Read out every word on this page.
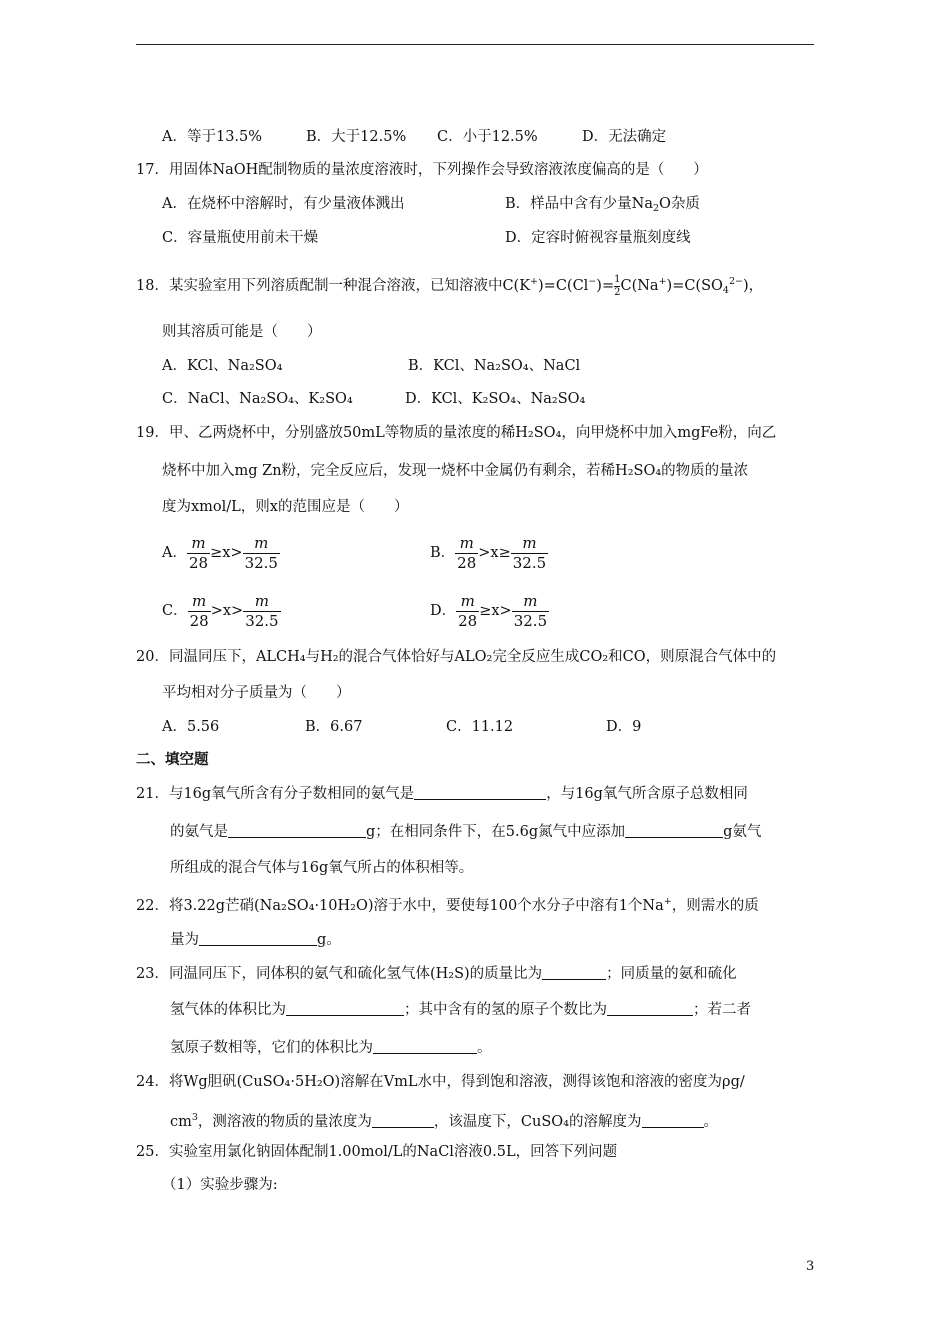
A．等于13.5%	B．大于12.5% C．小于12.5%	D．无法确定
17．用固体NaOH配制物质的量浓度溶液时，下列操作会导致溶液浓度偏高的是（　　）
A．在烧杯中溶解时，有少量液体溅出	B．样品中含有少量$Na_2O$杂质
C．容量瓶使用前未干燥	D．定容时俯视容量瓶刻度线
18．某实验室用下列溶质配制一种混合溶液，已知溶液中$C(K^+)=C(Cl^-)= \frac{1}{2} C(Na^+)=C(SO_4^{2-})$，
则其溶质可能是（　　）
A．KCl、Na₂SO₄	B．KCl、Na₂SO₄、NaCl
C．NaCl、Na₂SO₄、K₂SO₄	D．KCl、K₂SO₄、Na₂SO₄
19．甲、乙两烧杯中，分别盛放50mL等物质的量浓度的稀H₂SO₄，向甲烧杯中加入mgFe粉，向乙
烧杯中加入mg Zn粉，完全反应后，发现一烧杯中金属仍有剩余，若稀H₂SO₄的物质的量浓
度为xmol/L，则x的范围应是（　　）
A． $\frac{m}{28} \ge x> \frac{m}{32.5}$	B． $\frac{m}{28} >x\ge \frac{m}{32.5}$
C． $\frac{m}{28} >x> \frac{m}{32.5}$	D． $\frac{m}{28} \ge x> \frac{m}{32.5}$
20．同温同压下，ALCH₄与H₂的混合气体恰好与ALO₂完全反应生成CO₂和CO，则原混合气体中的
平均相对分子质量为（　　）
A．5.56	B．6.67	C．11.12	D．9
二、填空题
21．与16g氧气所含有分子数相同的氨气是	，与16g氧气所含原子总数相同
的氨气是	g；在相同条件下，在5.6g氮气中应添加	g氨气
所组成的混合气体与16g氧气所占的体积相等。
22．将3.22g芒硝(Na₂SO₄·10H₂O)溶于水中，要使每100个水分子中溶有1个Na+，则需水的质
量为	g。
23．同温同压下，同体积的氨气和硫化氢气体(H₂S)的质量比为	；同质量的氨和硫化
氢气体的体积比为	；其中含有的氢的原子个数比为	；若二者
氢原子数相等，它们的体积比为	。
24．将Wg胆矾(CuSO₄·5H₂O)溶解在VmL水中，得到饱和溶液，测得该饱和溶液的密度为ρg/
$cm^3$，测溶液的物质的量浓度为	，该温度下，CuSO₄的溶解度为	。
25．实验室用氯化钠固体配制1.00mol/L的NaCl溶液0.5L，回答下列问题
（1）实验步骤为:
3
